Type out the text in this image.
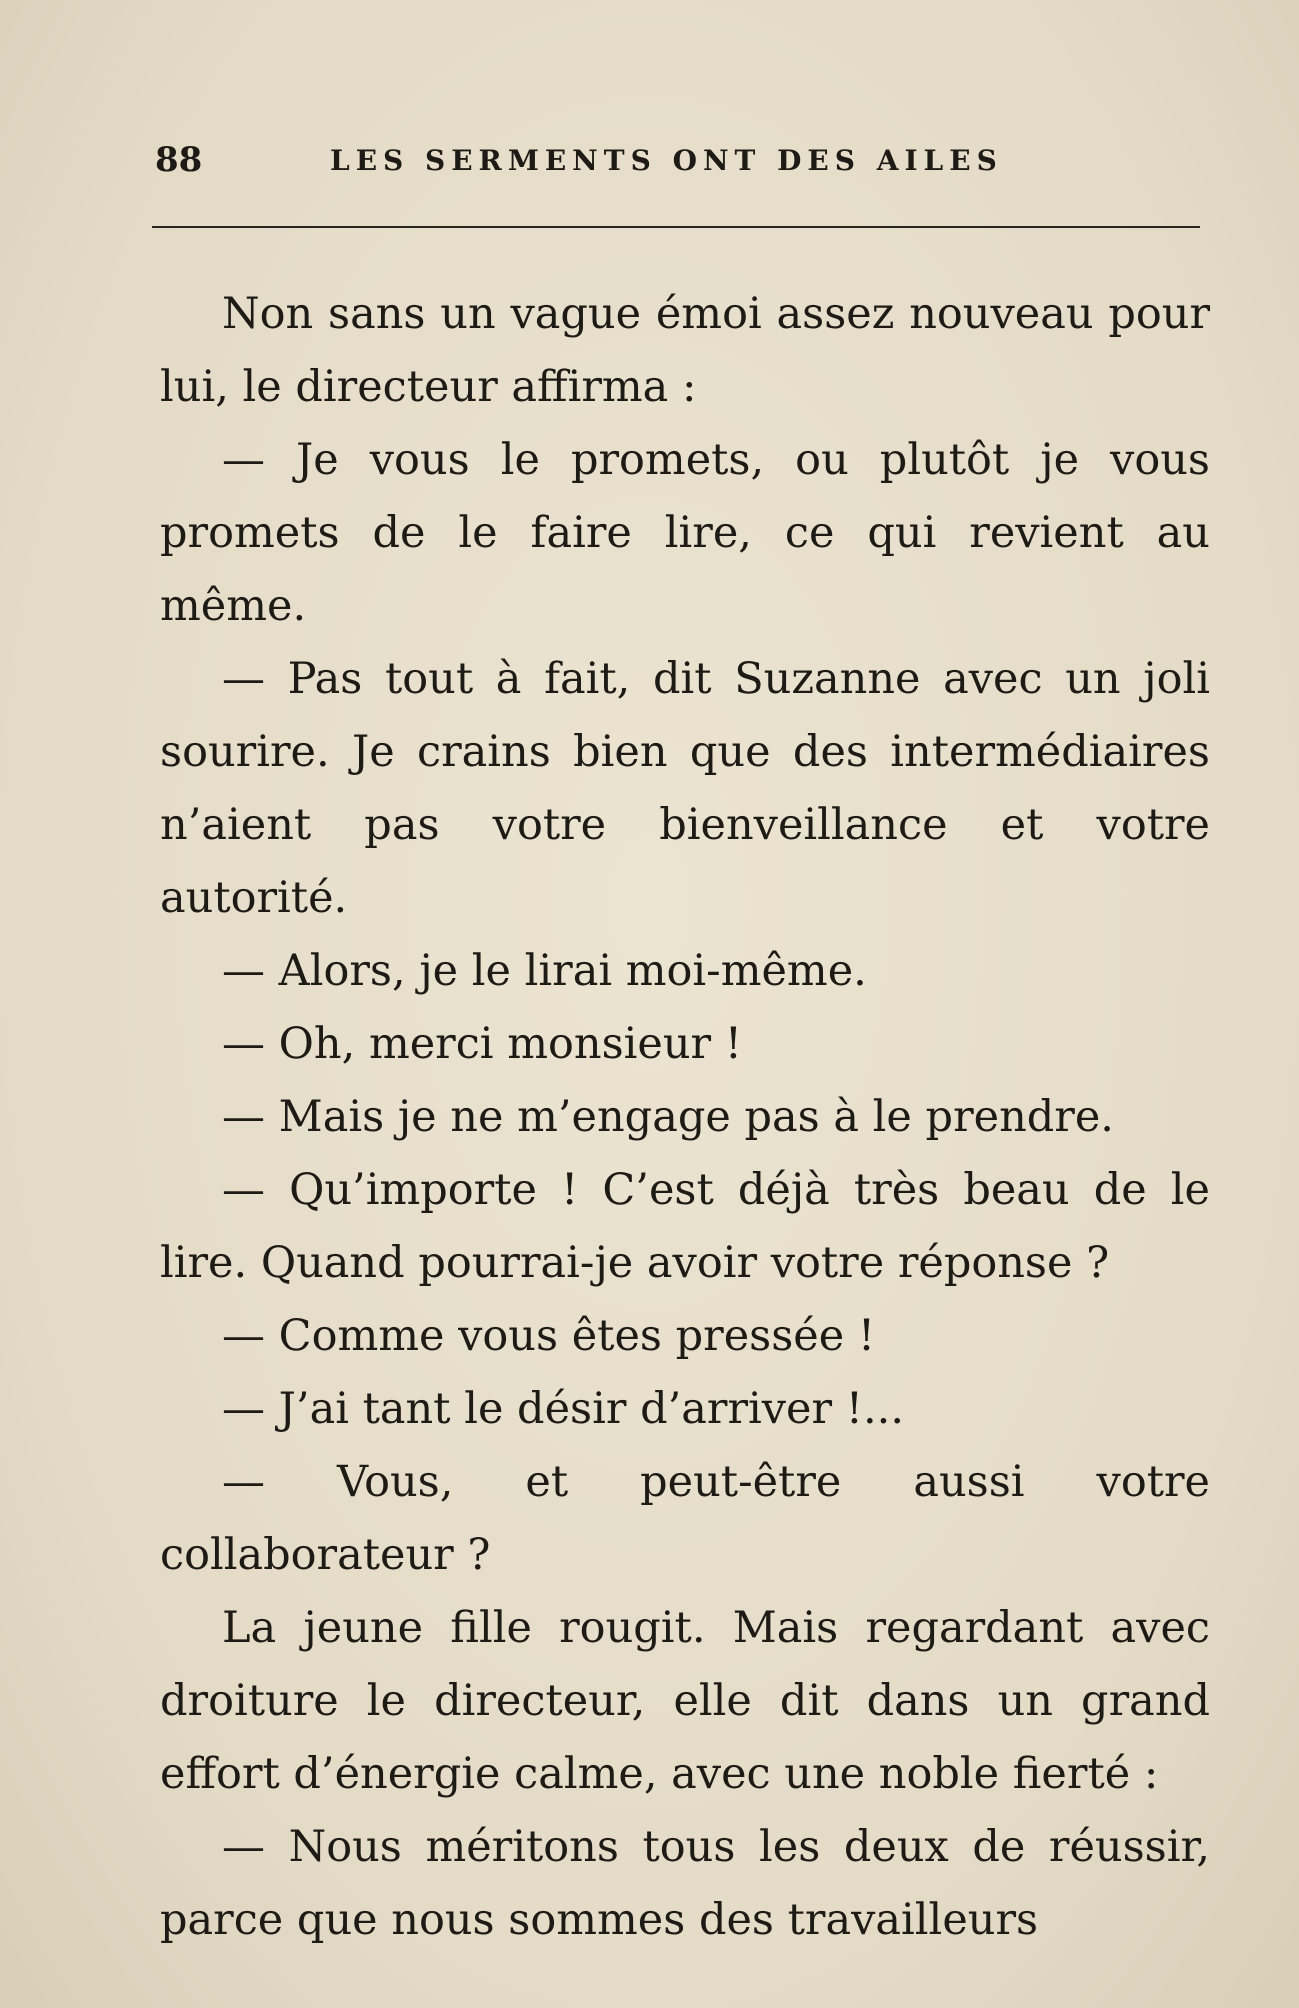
88	LES SERMENTS ONT DES AILES

Non sans un vague émoi assez nouveau pour lui, le directeur affirma :

— Je vous le promets, ou plutôt je vous promets de le faire lire, ce qui revient au même.

— Pas tout à fait, dit Suzanne avec un joli sourire. Je crains bien que des intermédiaires n’aient pas votre bienveillance et votre autorité.

— Alors, je le lirai moi-même.

— Oh, merci monsieur !

— Mais je ne m’engage pas à le prendre.

— Qu’importe ! C’est déjà très beau de le lire. Quand pourrai-je avoir votre réponse ?

— Comme vous êtes pressée !

— J’ai tant le désir d’arriver !...

— Vous, et peut-être aussi votre collaborateur ?

La jeune fille rougit. Mais regardant avec droiture le directeur, elle dit dans un grand effort d’énergie calme, avec une noble fierté :

— Nous méritons tous les deux de réussir, parce que nous sommes des travailleurs
